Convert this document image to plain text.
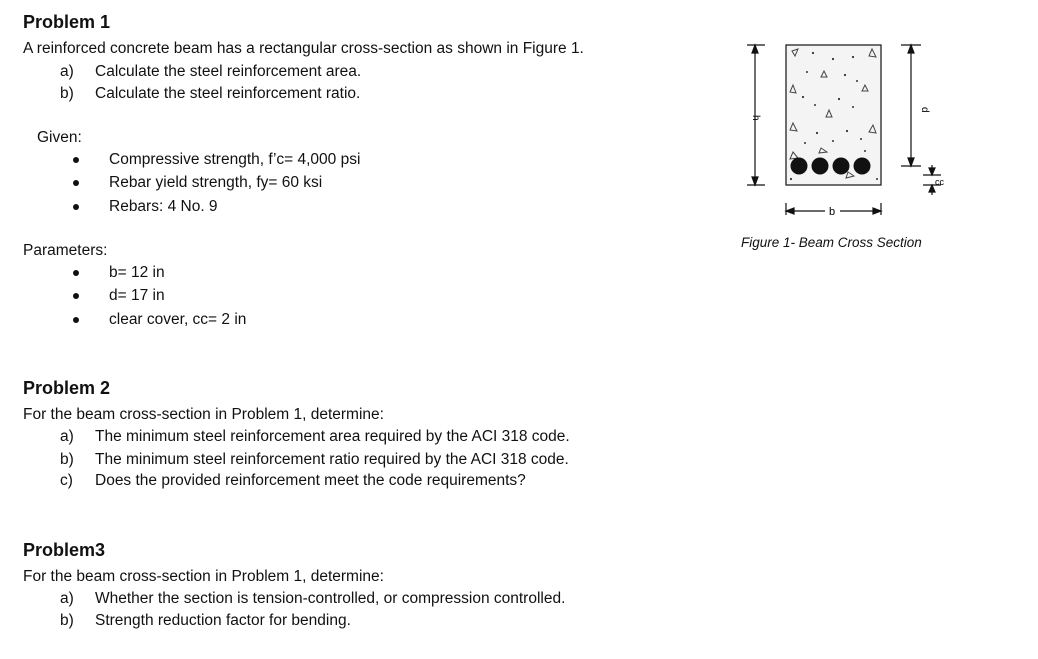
Problem 1
A reinforced concrete beam has a rectangular cross-section as shown in Figure 1.
a) Calculate the steel reinforcement area.
b) Calculate the steel reinforcement ratio.
Given:
Compressive strength, f’c= 4,000 psi
Rebar yield strength, fy= 60 ksi
Rebars: 4 No. 9
Parameters:
b= 12 in
d= 17 in
clear cover, cc= 2 in
Problem 2
For the beam cross-section in Problem 1, determine:
a) The minimum steel reinforcement area required by the ACI 318 code.
b) The minimum steel reinforcement ratio required by the ACI 318 code.
c) Does the provided reinforcement meet the code requirements?
Problem3
For the beam cross-section in Problem 1, determine:
a) Whether the section is tension-controlled, or compression controlled.
b) Strength reduction factor for bending.
h
d
cc
b
Figure 1- Beam Cross Section
